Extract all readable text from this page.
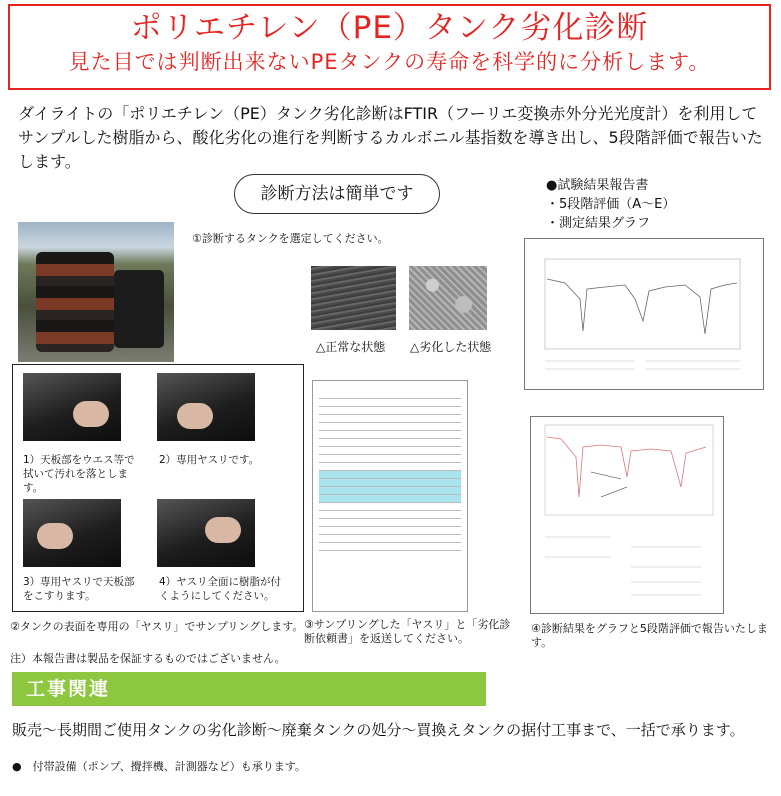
ポリエチレン（PE）タンク劣化診断
見た目では判断出来ないPEタンクの寿命を科学的に分析します。
ダイライトの「ポリエチレン（PE）タンク劣化診断はFTIR（フーリエ変換赤外分光光度計）を利用してサンプルした樹脂から、酸化劣化の進行を判断するカルボニル基指数を導き出し、5段階評価で報告いたします。
診断方法は簡単です	●試験結果報告書
・5段階評価（A〜E）
・測定結果グラフ
①診断するタンクを選定してください。
△正常な状態 △劣化した状態
1）天板部をウエス等で拭いて汚れを落とします。
2）専用ヤスリです。
3）専用ヤスリで天板部をこすります。
4）ヤスリ全面に樹脂が付くようにしてください。
②タンクの表面を専用の「ヤスリ」でサンプリングします。 ③サンプリングした「ヤスリ」と「劣化診断依頼書」を返送してください。
④診断結果をグラフと5段階評価で報告いたします。
注）本報告書は製品を保証するものではございません。
工事関連
販売〜長期間ご使用タンクの劣化診断〜廃棄タンクの処分〜買換えタンクの据付工事まで、一括で承ります。
●　付帯設備（ポンプ、攪拌機、計測器など）も承ります。
